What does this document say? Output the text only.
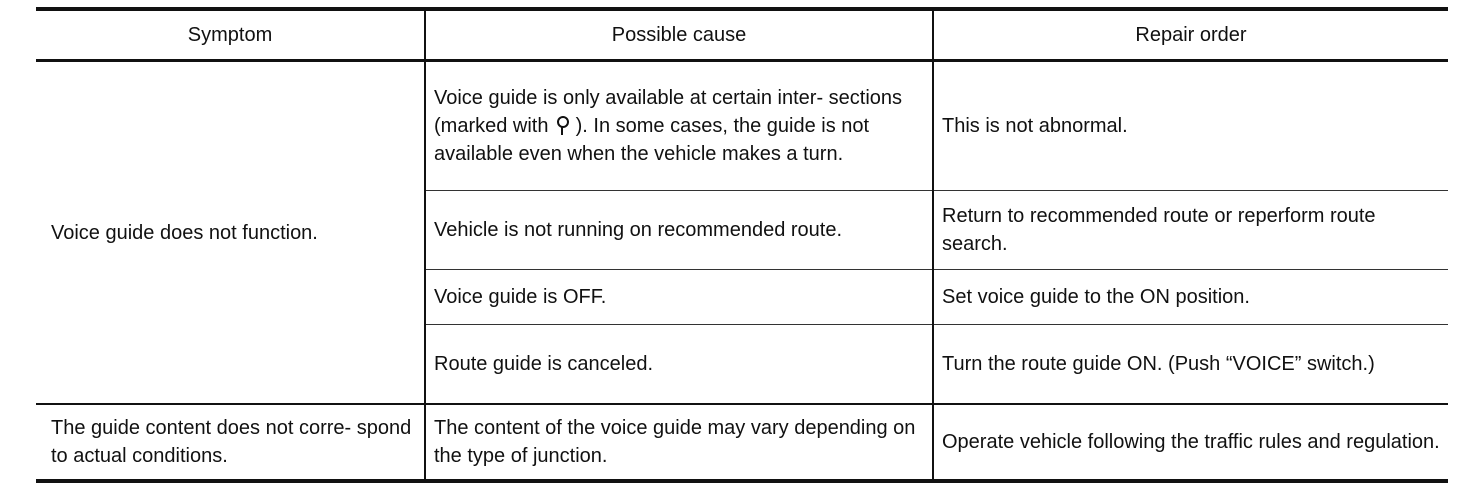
Symptom	Possible cause	Repair order
Voice guide does not function.	Voice guide is only available at certain inter- sections (marked with ). In some cases, the guide is not available even when the vehicle makes a turn.	This is not abnormal.
	Vehicle is not running on recommended route.	Return to recommended route or reperform route search.
	Voice guide is OFF.	Set voice guide to the ON position.
	Route guide is canceled.	Turn the route guide ON. (Push “VOICE” switch.)
The guide content does not corre- spond to actual conditions.	The content of the voice guide may vary depending on the type of junction.	Operate vehicle following the traffic rules and regulation.
